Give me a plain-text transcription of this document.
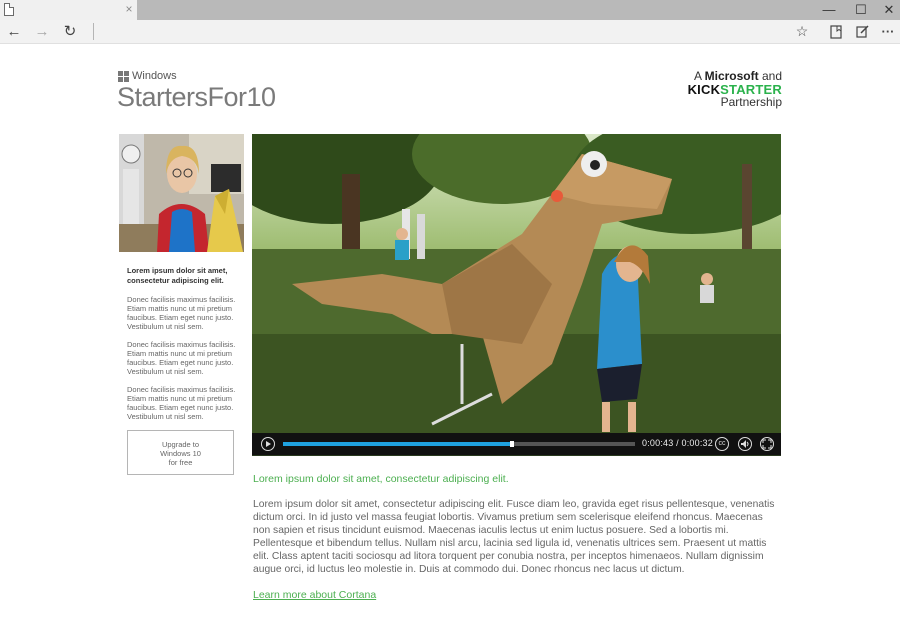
×	—	☐	✕
← → ↻	☆	···
Windows
StartersFor10
A Microsoft and
KICKSTARTER
Partnership
Lorem ipsum dolor sit amet, consectetur adipiscing elit.
Donec facilisis maximus facilisis. Etiam mattis nunc ut mi pretium faucibus. Etiam eget nunc justo. Vestibulum ut nisl sem.
Donec facilisis maximus facilisis. Etiam mattis nunc ut mi pretium faucibus. Etiam eget nunc justo. Vestibulum ut nisl sem.
Donec facilisis maximus facilisis. Etiam mattis nunc ut mi pretium faucibus. Etiam eget nunc justo. Vestibulum ut nisl sem.
Upgrade to
Windows 10
for free
0:00:43 / 0:00:32 cc
Lorem ipsum dolor sit amet, consectetur adipiscing elit.
Lorem ipsum dolor sit amet, consectetur adipiscing elit. Fusce diam leo, gravida eget risus pellentesque, venenatis dictum orci. In id justo vel massa feugiat lobortis. Vivamus pretium sem scelerisque eleifend rhoncus. Maecenas non sapien et risus tincidunt euismod. Maecenas iaculis lectus ut enim luctus posuere. Sed a lobortis mi. Pellentesque et bibendum tellus. Nullam nisl arcu, lacinia sed ligula id, venenatis ultrices sem. Praesent ut mattis elit. Class aptent taciti sociosqu ad litora torquent per conubia nostra, per inceptos himenaeos. Nullam dignissim augue orci, id luctus leo molestie in. Duis at commodo dui. Donec rhoncus nec lacus ut dictum.
Learn more about Cortana
